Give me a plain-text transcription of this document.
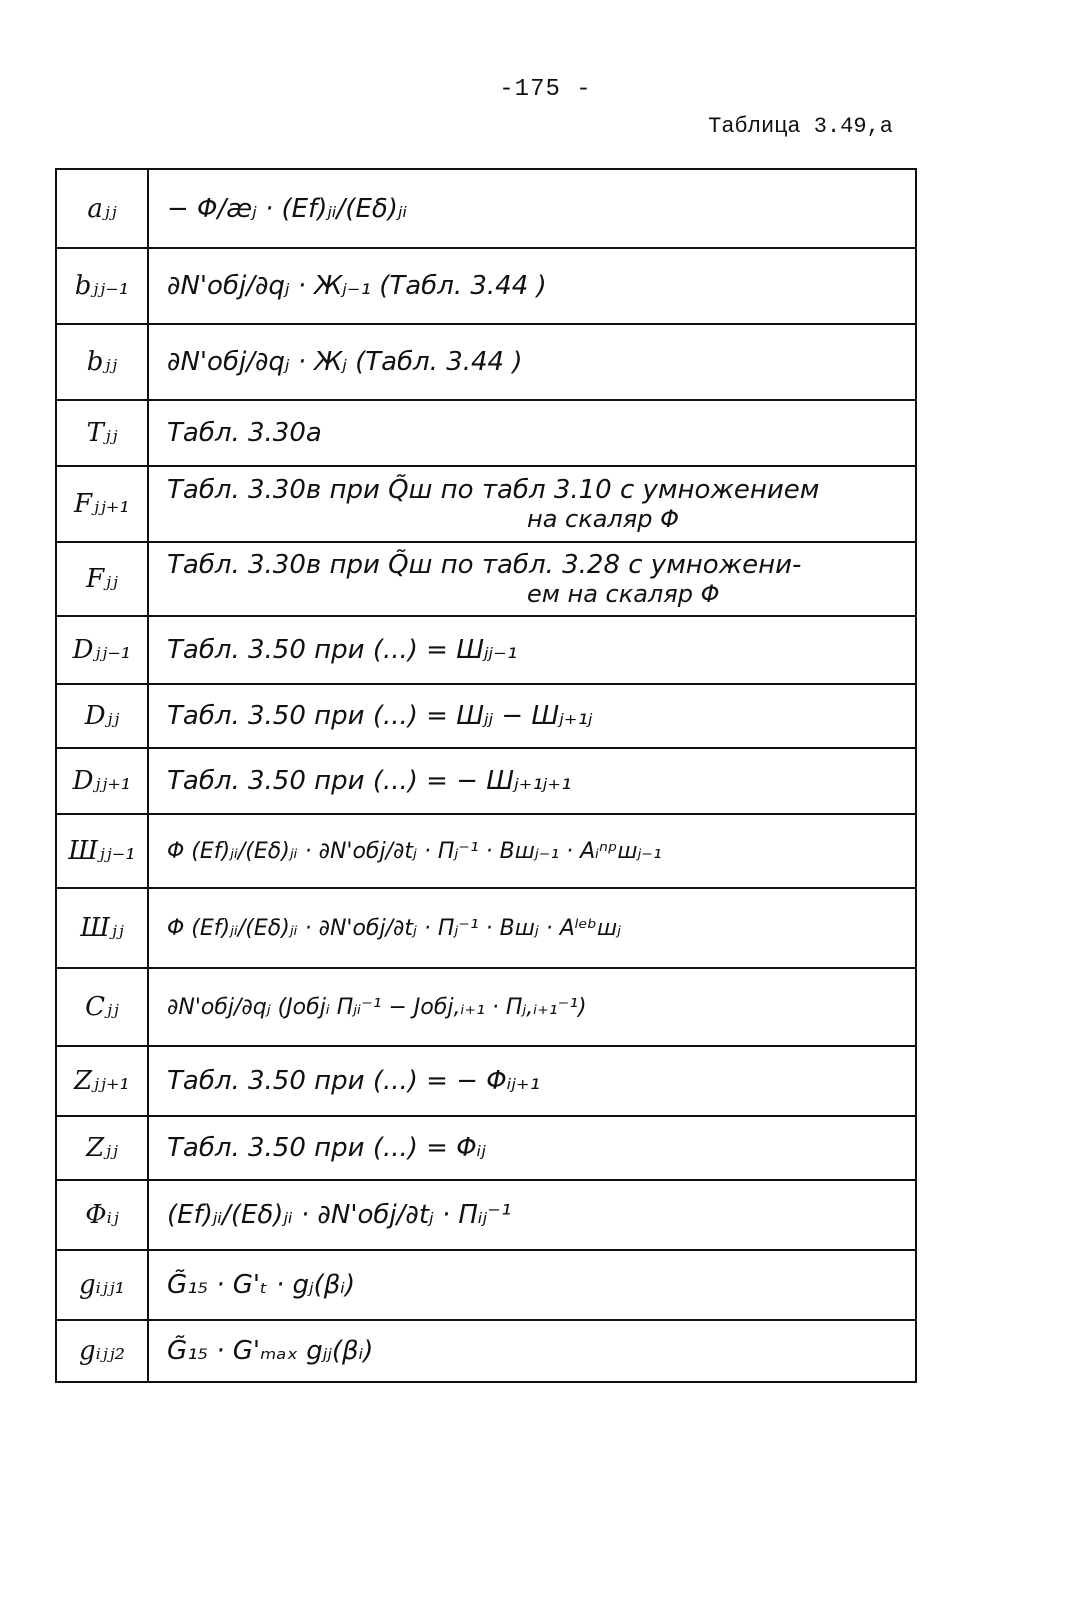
-175 -
Таблица 3.49,а
aⱼⱼ	− Φ/æⱼ · (Ef)ⱼᵢ/(Eδ)ⱼᵢ
bⱼⱼ₋₁	∂N'обj/∂qⱼ · Жⱼ₋₁ (Табл. 3.44 )
bⱼⱼ	∂N'обj/∂qⱼ · Жⱼ (Табл. 3.44 )
Tⱼⱼ	Табл. 3.30а
Fⱼⱼ₊₁	Табл. 3.30в при Q̃ш по табл 3.10 с умножением
на скаляр Φ
Fⱼⱼ	Табл. 3.30в при Q̃ш по табл. 3.28 с умножени-
ем на скаляр Φ
Dⱼⱼ₋₁	Табл. 3.50 при (...) = Шⱼⱼ₋₁
Dⱼⱼ	Табл. 3.50 при (...) = Шⱼⱼ − Шⱼ₊₁ⱼ
Dⱼⱼ₊₁	Табл. 3.50 при (...) = − Шⱼ₊₁ⱼ₊₁
Шⱼⱼ₋₁	Φ (Ef)ⱼᵢ/(Eδ)ⱼᵢ · ∂N'обj/∂tⱼ · Пⱼ⁻¹ · Bшⱼ₋₁ · Aᵢⁿᵖшⱼ₋₁
Шⱼⱼ	Φ (Ef)ⱼᵢ/(Eδ)ⱼᵢ · ∂N'обj/∂tⱼ · Пⱼ⁻¹ · Bшⱼ · Aˡᵉᵇшⱼ
Cⱼⱼ	∂N'обj/∂qⱼ (Jобjᵢ Пⱼᵢ⁻¹ − Jобj,ᵢ₊₁ · Пⱼ,ᵢ₊₁⁻¹)
Zⱼⱼ₊₁	Табл. 3.50 при (...) = − Φᵢⱼ₊₁
Zⱼⱼ	Табл. 3.50 при (...) = Φᵢⱼ
Φᵢⱼ	(Ef)ⱼᵢ/(Eδ)ⱼᵢ · ∂N'обj/∂tⱼ · Пᵢⱼ⁻¹
gᵢⱼⱼ₁	G̃₁₅ · G'ₜ · gⱼ(βᵢ)
gᵢⱼⱼ₂	G̃₁₅ · G'ₘₐₓ gⱼⱼ(βᵢ)
